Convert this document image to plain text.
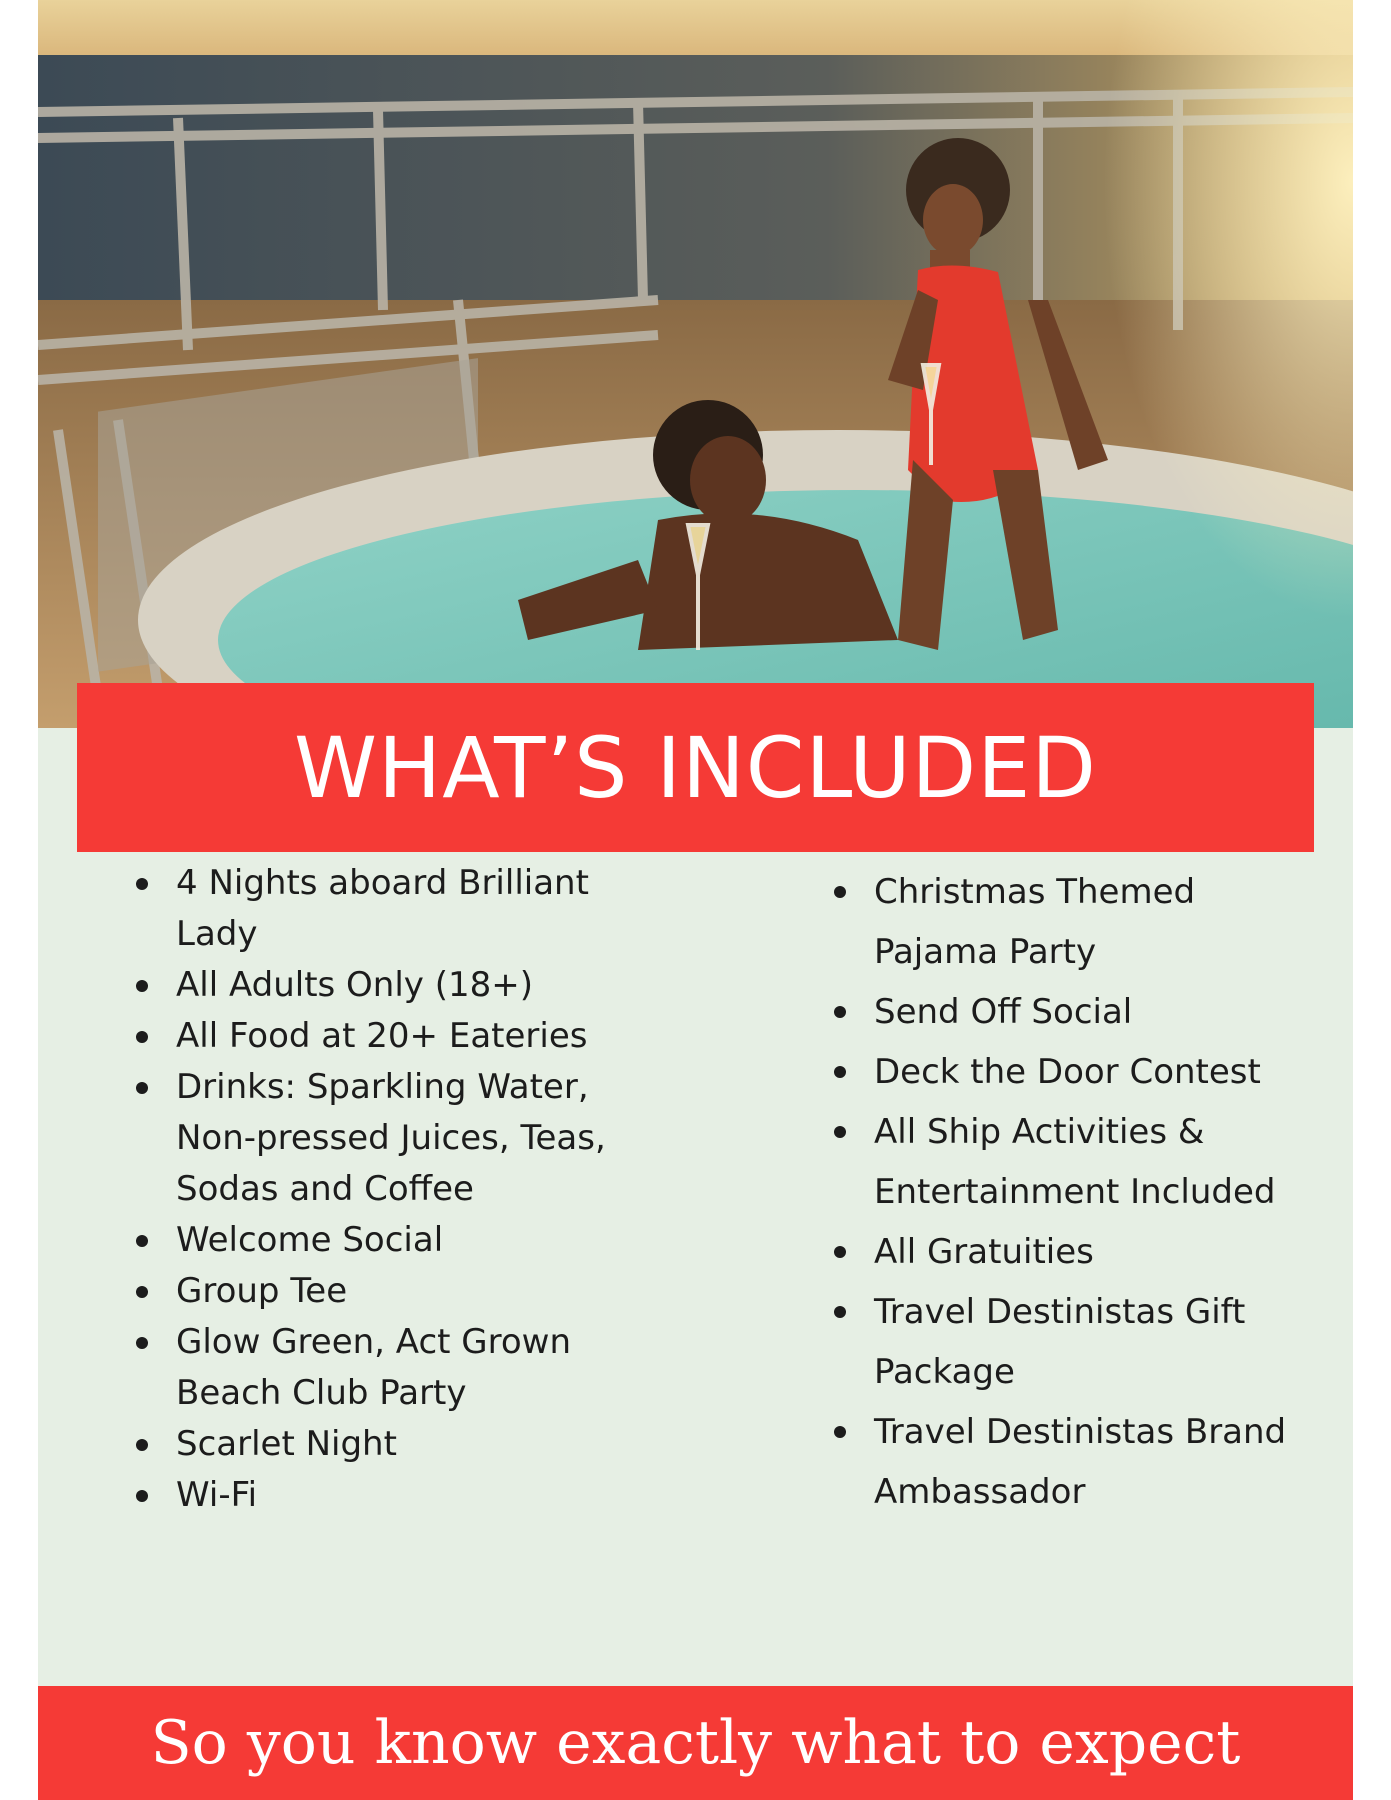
WHAT’S INCLUDED
4 Nights aboard Brilliant Lady
All Adults Only (18+)
All Food at 20+ Eateries
Drinks: Sparkling Water, Non-pressed Juices, Teas, Sodas and Coffee
Welcome Social
Group Tee
Glow Green, Act Grown Beach Club Party
Scarlet Night
Wi-Fi
Christmas Themed Pajama Party
Send Off Social
Deck the Door Contest
All Ship Activities & Entertainment Included
All Gratuities
Travel Destinistas Gift Package
Travel Destinistas Brand Ambassador
So you know exactly what to expect
